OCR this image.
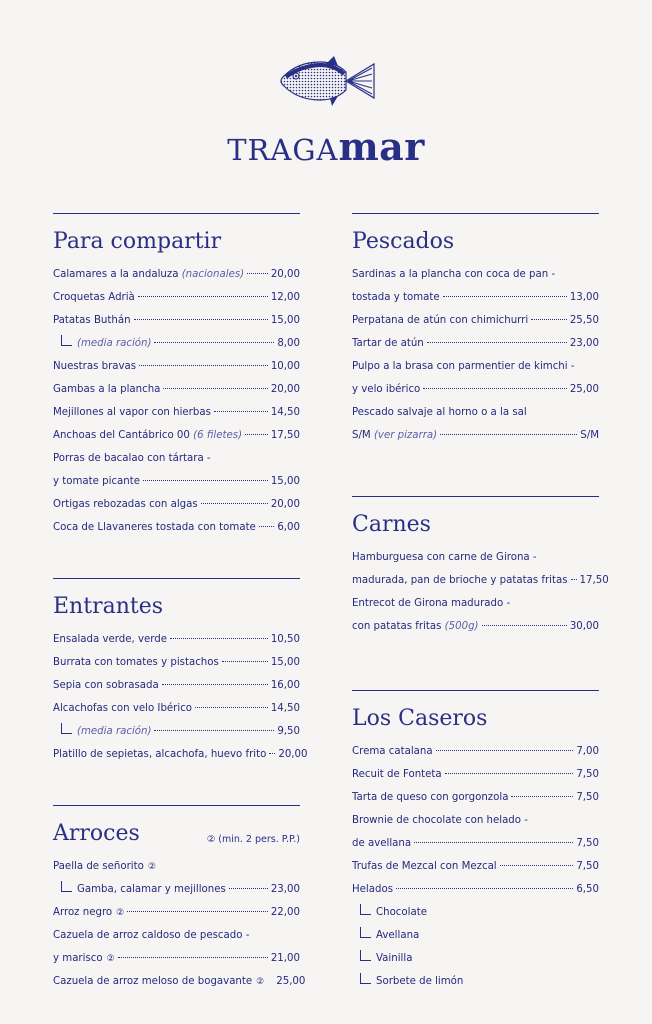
TRAGAmar
Para compartir
Calamares a la andaluza (nacionales)	20,00
Croquetas Adrià	12,00
Patatas Buthán	15,00
(media ración)	8,00
Nuestras bravas	10,00
Gambas a la plancha	20,00
Mejillones al vapor con hierbas	14,50
Anchoas del Cantábrico 00 (6 filetes)	17,50
Porras de bacalao con tártara -
y tomate picante	15,00
Ortigas rebozadas con algas	20,00
Coca de Llavaneres tostada con tomate 6,00
Entrantes
Ensalada verde, verde	10,50
Burrata con tomates y pistachos	15,00
Sepia con sobrasada	16,00
Alcachofas con velo Ibérico	14,50
(media ración)	9,50
Platillo de sepietas, alcachofa, huevo frito 20,00
Arroces	② (min. 2 pers. P.P.)
Paella de señorito ②
Gamba, calamar y mejillones	23,00
Arroz negro ②	22,00
Cazuela de arroz caldoso de pescado -
y marisco ②	21,00
Cazuela de arroz meloso de bogavante ② 25,00
Pescados
Sardinas a la plancha con coca de pan -
tostada y tomate	13,00
Perpatana de atún con chimichurri	25,50
Tartar de atún	23,00
Pulpo a la brasa con parmentier de kimchi -
y velo ibérico	25,00
Pescado salvaje al horno o a la sal
S/M (ver pizarra)	S/M
Carnes
Hamburguesa con carne de Girona -
madurada, pan de brioche y patatas fritas 17,50
Entrecot de Girona madurado -
con patatas fritas (500g)	30,00
Los Caseros
Crema catalana	7,00
Recuit de Fonteta	7,50
Tarta de queso con gorgonzola	7,50
Brownie de chocolate con helado -
de avellana	7,50
Trufas de Mezcal con Mezcal	7,50
Helados	6,50
Chocolate
Avellana
Vainilla
Sorbete de limón
